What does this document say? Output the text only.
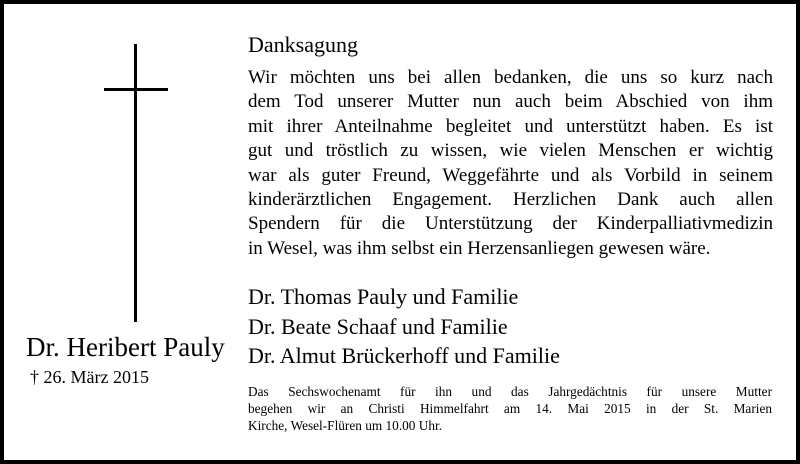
Dr. Heribert Pauly
† 26. März 2015
Danksagung
Wir möchten uns bei allen bedanken, die uns so kurz nach
dem Tod unserer Mutter nun auch beim Abschied von ihm
mit ihrer Anteilnahme begleitet und unterstützt haben. Es ist
gut und tröstlich zu wissen, wie vielen Menschen er wichtig
war als guter Freund, Weggefährte und als Vorbild in seinem
kinderärztlichen Engagement. Herzlichen Dank auch allen
Spendern für die Unterstützung der Kinderpalliativmedizin
in Wesel, was ihm selbst ein Herzensanliegen gewesen wäre.
Dr. Thomas Pauly und Familie
Dr. Beate Schaaf und Familie
Dr. Almut Brückerhoff und Familie
Das Sechswochenamt für ihn und das Jahrgedächtnis für unsere Mutter
begehen wir an Christi Himmelfahrt am 14. Mai 2015 in der St. Marien
Kirche, Wesel-Flüren um 10.00 Uhr.
